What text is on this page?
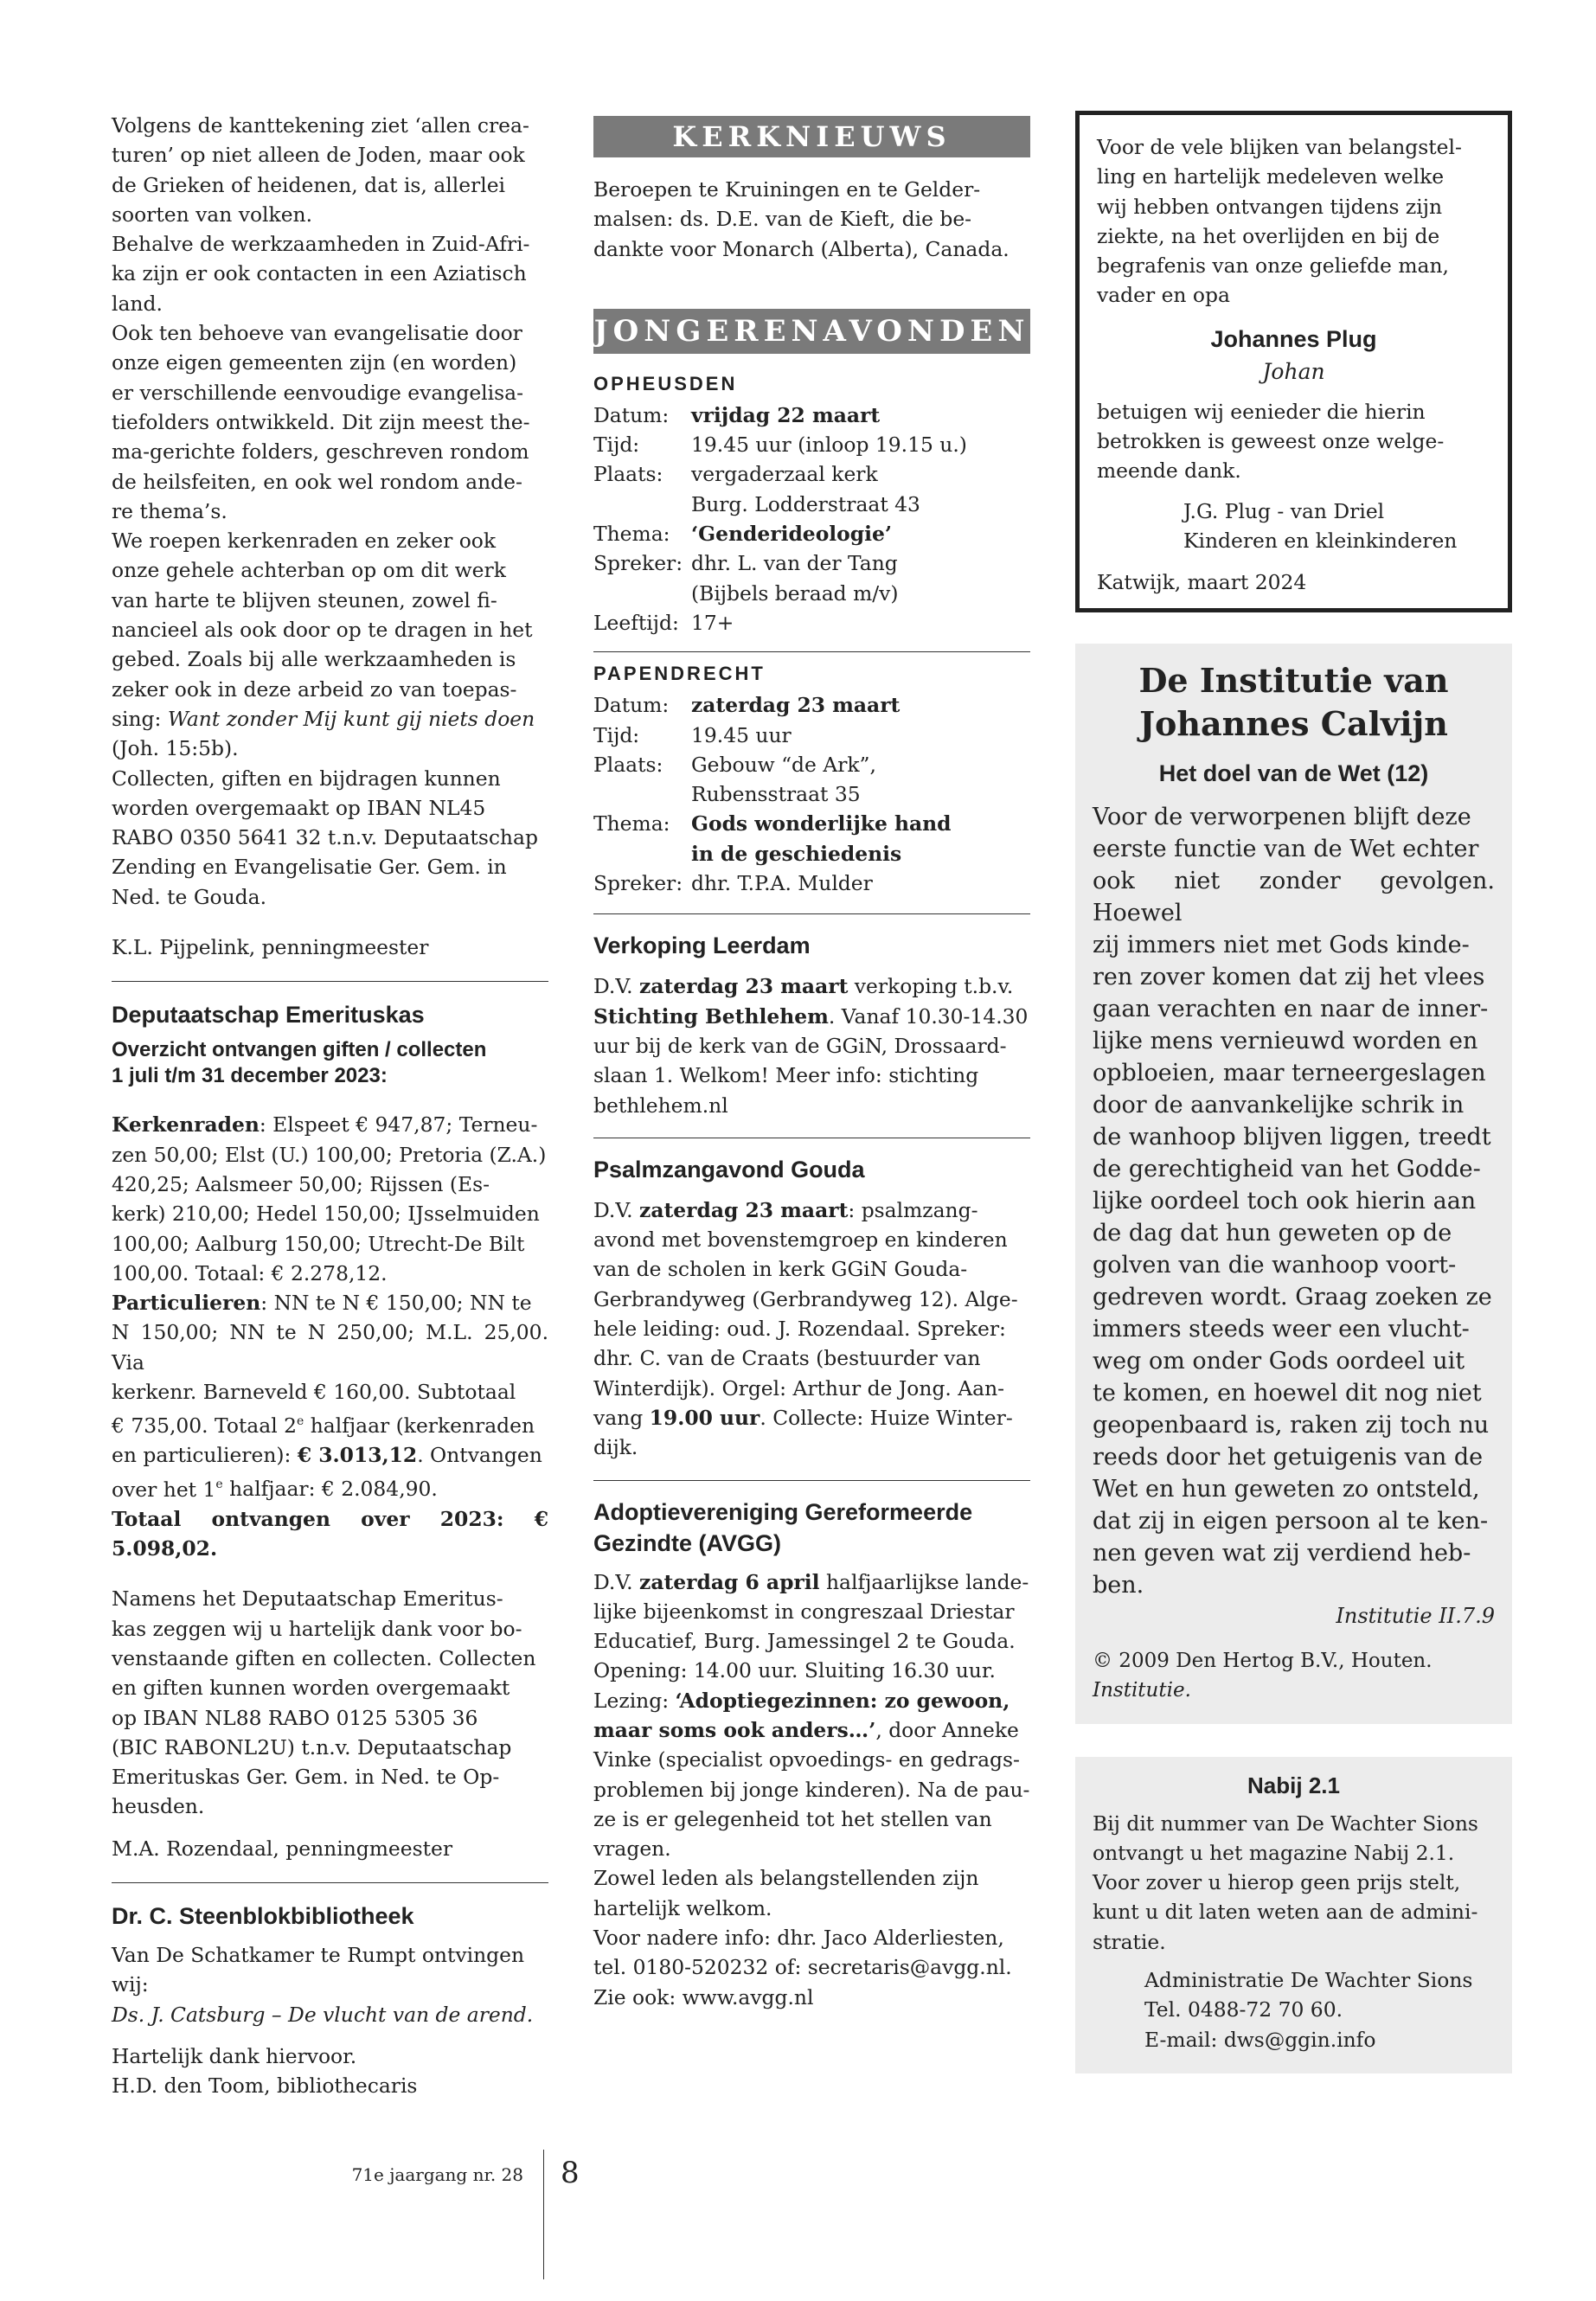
Volgens de kanttekening ziet ‘allen crea-
turen’ op niet alleen de Joden, maar ook
de Grieken of heidenen, dat is, allerlei
soorten van volken.
Behalve de werkzaamheden in Zuid-Afri-
ka zijn er ook contacten in een Aziatisch
land.
Ook ten behoeve van evangelisatie door
onze eigen gemeenten zijn (en worden)
er verschillende eenvoudige evangelisa-
tiefolders ontwikkeld. Dit zijn meest the-
ma-gerichte folders, geschreven rondom
de heilsfeiten, en ook wel rondom ande-
re thema’s.
We roepen kerkenraden en zeker ook
onze gehele achterban op om dit werk
van harte te blijven steunen, zowel fi-
nancieel als ook door op te dragen in het
gebed. Zoals bij alle werkzaamheden is
zeker ook in deze arbeid zo van toepas-
sing: Want zonder Mij kunt gij niets doen
(Joh. 15:5b).
Collecten, giften en bijdragen kunnen
worden overgemaakt op IBAN NL45
RABO 0350 5641 32 t.n.v. Deputaatschap
Zending en Evangelisatie Ger. Gem. in
Ned. te Gouda.
K.L. Pijpelink, penningmeester
Deputaatschap Emerituskas
Overzicht ontvangen giften / collecten
1 juli t/m 31 december 2023:
Kerkenraden: Elspeet € 947,87; Terneu-
zen 50,00; Elst (U.) 100,00; Pretoria (Z.A.)
420,25; Aalsmeer 50,00; Rijssen (Es-
kerk) 210,00; Hedel 150,00; IJsselmuiden
100,00; Aalburg 150,00; Utrecht-De Bilt
100,00. Totaal: € 2.278,12.
Particulieren: NN te N € 150,00; NN te
N 150,00; NN te N 250,00; M.L. 25,00. Via
kerkenr. Barneveld € 160,00. Subtotaal
€ 735,00. Totaal 2e halfjaar (kerkenraden
en particulieren): € 3.013,12. Ontvangen
over het 1e halfjaar: € 2.084,90.
Totaal ontvangen over 2023: € 5.098,02.
Namens het Deputaatschap Emeritus-
kas zeggen wij u hartelijk dank voor bo-
venstaande giften en collecten. Collecten
en giften kunnen worden overgemaakt
op IBAN NL88 RABO 0125 5305 36
(BIC RABONL2U) t.n.v. Deputaatschap
Emerituskas Ger. Gem. in Ned. te Op-
heusden.
M.A. Rozendaal, penningmeester
Dr. C. Steenblokbibliotheek
Van De Schatkamer te Rumpt ontvingen
wij:
Ds. J. Catsburg – De vlucht van de arend.
Hartelijk dank hiervoor.
H.D. den Toom, bibliothecaris
KERKNIEUWS
Beroepen te Kruiningen en te Gelder-
malsen: ds. D.E. van de Kieft, die be-
dankte voor Monarch (Alberta), Canada.
JONGERENAVONDEN
OPHEUSDEN
Datum:	vrijdag 22 maart
Tijd:	19.45 uur (inloop 19.15 u.)
Plaats:	vergaderzaal kerk
	Burg. Lodderstraat 43
Thema:	‘Genderideologie’
Spreker:	dhr. L. van der Tang
	(Bijbels beraad m/v)
Leeftijd:	17+
PAPENDRECHT
Datum:	zaterdag 23 maart
Tijd:	19.45 uur
Plaats:	Gebouw “de Ark”,
	Rubensstraat 35
Thema:	Gods wonderlijke hand
	in de geschiedenis
Spreker:	dhr. T.P.A. Mulder
Verkoping Leerdam
D.V. zaterdag 23 maart verkoping t.b.v.
Stichting Bethlehem. Vanaf 10.30-14.30
uur bij de kerk van de GGiN, Drossaard-
slaan 1. Welkom! Meer info: stichting
bethlehem.nl
Psalmzangavond Gouda
D.V. zaterdag 23 maart: psalmzang-
avond met bovenstemgroep en kinderen
van de scholen in kerk GGiN Gouda-
Gerbrandyweg (Gerbrandyweg 12). Alge-
hele leiding: oud. J. Rozendaal. Spreker:
dhr. C. van de Craats (bestuurder van
Winterdijk). Orgel: Arthur de Jong. Aan-
vang 19.00 uur. Collecte: Huize Winter-
dijk.
Adoptievereniging Gereformeerde
Gezindte (AVGG)
D.V. zaterdag 6 april halfjaarlijkse lande-
lijke bijeenkomst in congreszaal Driestar
Educatief, Burg. Jamessingel 2 te Gouda.
Opening: 14.00 uur. Sluiting 16.30 uur.
Lezing: ‘Adoptiegezinnen: zo gewoon,
maar soms ook anders…’, door Anneke
Vinke (specialist opvoedings- en gedrags-
problemen bij jonge kinderen). Na de pau-
ze is er gelegenheid tot het stellen van
vragen.
Zowel leden als belangstellenden zijn
hartelijk welkom.
Voor nadere info: dhr. Jaco Alderliesten,
tel. 0180-520232 of: secretaris@avgg.nl.
Zie ook: www.avgg.nl
Voor de vele blijken van belangstel-
ling en hartelijk medeleven welke
wij hebben ontvangen tijdens zijn
ziekte, na het overlijden en bij de
begrafenis van onze geliefde man,
vader en opa
Johannes Plug
Johan
betuigen wij eenieder die hierin
betrokken is geweest onze welge-
meende dank.
J.G. Plug - van Driel
Kinderen en kleinkinderen
Katwijk, maart 2024
De Institutie van
Johannes Calvijn
Het doel van de Wet (12)
Voor de verworpenen blijft deze
eerste functie van de Wet echter
ook niet zonder gevolgen. Hoewel
zij immers niet met Gods kinde-
ren zover komen dat zij het vlees
gaan verachten en naar de inner-
lijke mens vernieuwd worden en
opbloeien, maar terneergeslagen
door de aanvankelijke schrik in
de wanhoop blijven liggen, treedt
de gerechtigheid van het Godde-
lijke oordeel toch ook hierin aan
de dag dat hun geweten op de
golven van die wanhoop voort-
gedreven wordt. Graag zoeken ze
immers steeds weer een vlucht-
weg om onder Gods oordeel uit
te komen, en hoewel dit nog niet
geopenbaard is, raken zij toch nu
reeds door het getuigenis van de
Wet en hun geweten zo ontsteld,
dat zij in eigen persoon al te ken-
nen geven wat zij verdiend heb-
ben.
Institutie II.7.9
© 2009 Den Hertog B.V., Houten.
Institutie.
Nabij 2.1
Bij dit nummer van De Wachter Sions
ontvangt u het magazine Nabij 2.1.
Voor zover u hierop geen prijs stelt,
kunt u dit laten weten aan de admini-
stratie.
Administratie De Wachter Sions
Tel. 0488-72 70 60.
E-mail: dws@ggin.info
71e jaargang nr. 28 8
